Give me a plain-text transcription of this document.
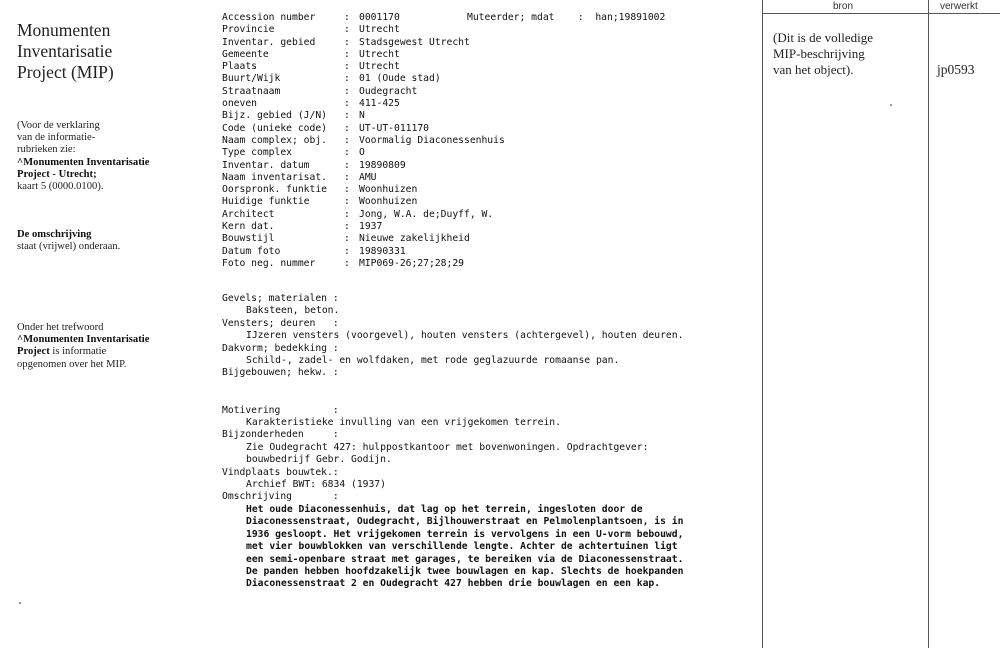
Monumenten
Inventarisatie
Project (MIP)
(Voor de verklaring
van de informatie-
rubrieken zie:
^Monumenten Inventarisatie
Project - Utrecht;
kaart 5 (0000.0100).
De omschrijving
staat (vrijwel) onderaan.
Onder het trefwoord
^Monumenten Inventarisatie
Project is informatie
opgenomen over het MIP.
Accession number	: 0001170	Muteerder; mdat    :  han;19891002
Provincie	: Utrecht
Inventar. gebied	: Stadsgewest Utrecht
Gemeente	: Utrecht
Plaats	: Utrecht
Buurt/Wijk	: 01 (Oude stad)
Straatnaam	: Oudegracht
oneven	: 411-425
Bijz. gebied (J/N) : N
Code (unieke code) : UT-UT-011170
Naam complex; obj. : Voormalig Diaconessenhuis
Type complex	: O
Inventar. datum	: 19890809
Naam inventarisat. : AMU
Oorspronk. funktie : Woonhuizen
Huidige funktie	: Woonhuizen
Architect	: Jong, W.A. de;Duyff, W.
Kern dat.	: 1937
Bouwstijl	: Nieuwe zakelijkheid
Datum foto	: 19890331
Foto neg. nummer	: MIP069-26;27;28;29
Gevels; materialen :
Baksteen, beton.
Vensters; deuren   :
IJzeren vensters (voorgevel), houten vensters (achtergevel), houten deuren.
Dakvorm; bedekking :
Schild-, zadel- en wolfdaken, met rode geglazuurde romaanse pan.
Bijgebouwen; hekw. :
Motivering         :
Karakteristieke invulling van een vrijgekomen terrein.
Bijzonderheden     :
Zie Oudegracht 427: hulppostkantoor met bovenwoningen. Opdrachtgever:
bouwbedrijf Gebr. Godijn.
Vindplaats bouwtek.:
Archief BWT: 6834 (1937)
Omschrijving       :
Het oude Diaconessenhuis, dat lag op het terrein, ingesloten door de
Diaconessenstraat, Oudegracht, Bijlhouwerstraat en Pelmolenplantsoen, is in
1936 gesloopt. Het vrijgekomen terrein is vervolgens in een U-vorm bebouwd,
met vier bouwblokken van verschillende lengte. Achter de achtertuinen ligt
een semi-openbare straat met garages, te bereiken via de Diaconessenstraat.
De panden hebben hoofdzakelijk twee bouwlagen en kap. Slechts de hoekpanden
Diaconessenstraat 2 en Oudegracht 427 hebben drie bouwlagen en een kap.
bron	verwerkt
(Dit is de volledige
MIP-beschrijving
van het object).	jp0593
